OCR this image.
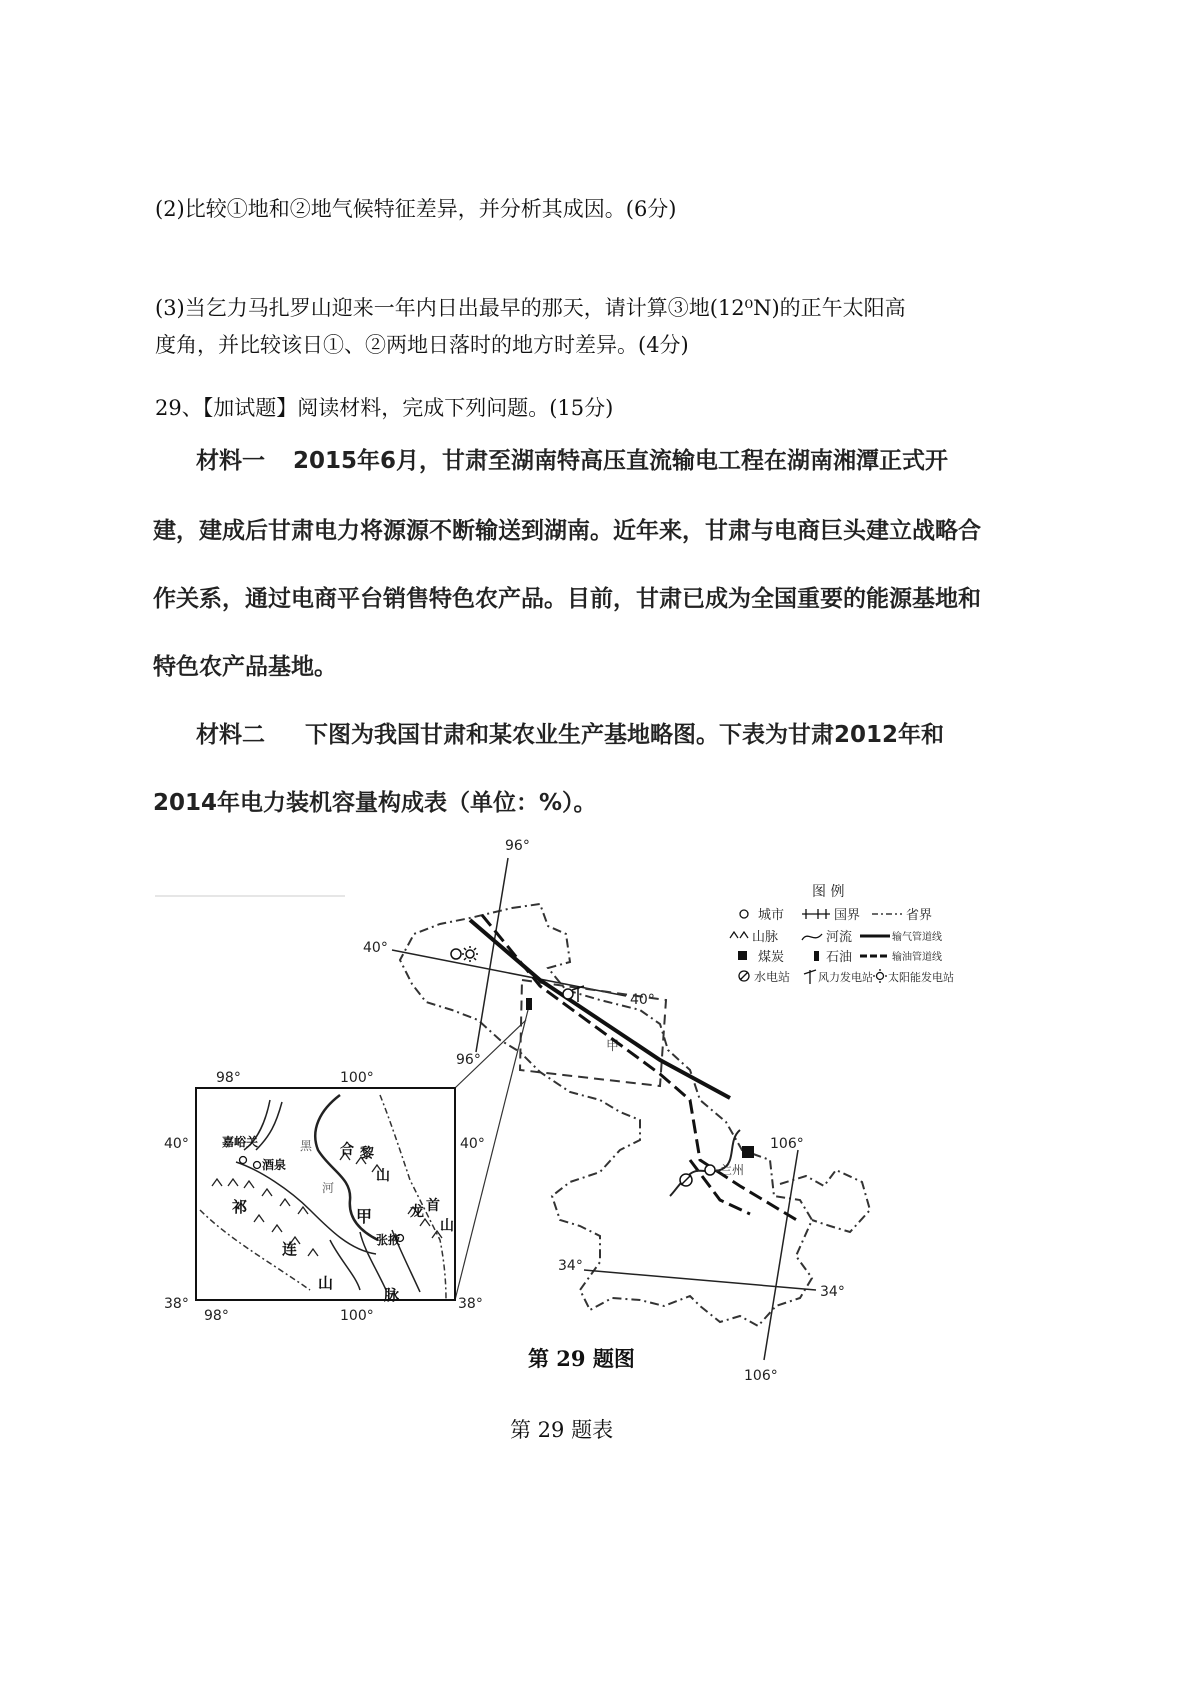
(2)比较①地和②地气候特征差异，并分析其成因。(6分)
(3)当乞力马扎罗山迎来一年内日出最早的那天，请计算③地(12⁰N)的正午太阳高
度角，并比较该日①、②两地日落时的地方时差异。(4分)
29、【加试题】阅读材料，完成下列问题。(15分)
材料一 2015年6月，甘肃至湖南特高压直流输电工程在湖南湘潭正式开
建，建成后甘肃电力将源源不断输送到湖南。近年来，甘肃与电商巨头建立战略合
作关系，通过电商平台销售特色农产品。目前，甘肃已成为全国重要的能源基地和
特色农产品基地。
材料二 下图为我国甘肃和某农业生产基地略图。下表为甘肃2012年和
2014年电力装机容量构成表（单位：%）。
40°
40°
96°
96°
106°
106°
34°
34°
甲
兰州
98°	100°
40°	40°
38°	38°
98°	100°
嘉峪关
酒泉
张掖
黑
河
甲
合 黎
山
龙 首
山
祁
连
山
脉
图 例
城市	国界	省界
山脉	河流	输气管道线
煤炭	石油	输油管道线
水电站	风力发电站 太阳能发电站
第 29 题图
第 29 题表
